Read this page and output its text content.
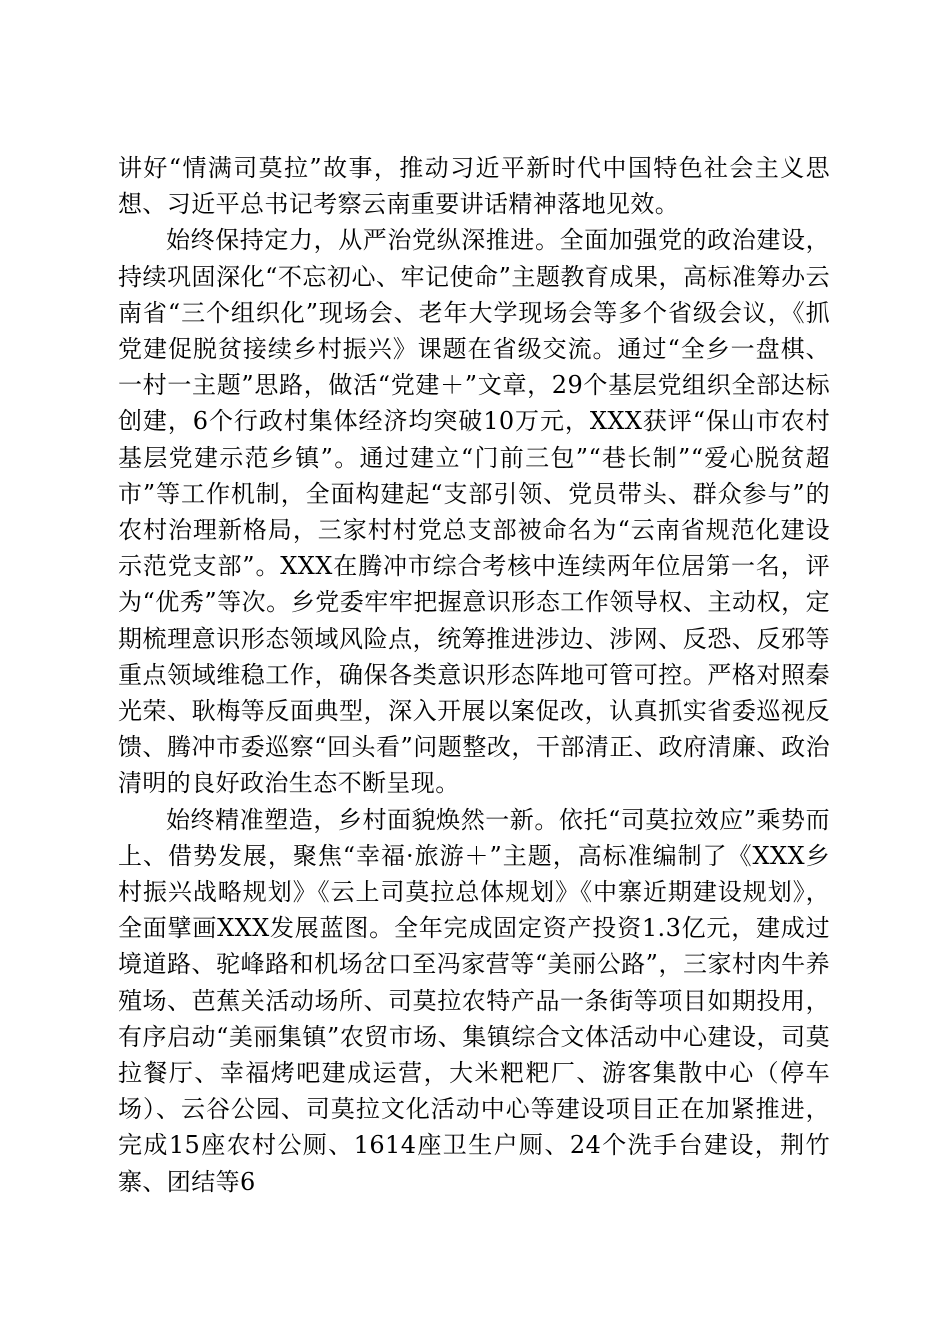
讲好“情满司莫拉”故事，推动习近平新时代中国特色社会主义思想、习近平总书记考察云南重要讲话精神落地见效。

始终保持定力，从严治党纵深推进。全面加强党的政治建设，持续巩固深化“不忘初心、牢记使命”主题教育成果，高标准筹办云南省“三个组织化”现场会、老年大学现场会等多个省级会议，《抓党建促脱贫接续乡村振兴》课题在省级交流。通过“全乡一盘棋、一村一主题”思路，做活“党建＋”文章，29个基层党组织全部达标创建，6个行政村集体经济均突破10万元，XXX获评“保山市农村基层党建示范乡镇”。通过建立“门前三包”“巷长制”“爱心脱贫超市”等工作机制，全面构建起“支部引领、党员带头、群众参与”的农村治理新格局，三家村村党总支部被命名为“云南省规范化建设示范党支部”。XXX在腾冲市综合考核中连续两年位居第一名，评为“优秀”等次。乡党委牢牢把握意识形态工作领导权、主动权，定期梳理意识形态领域风险点，统筹推进涉边、涉网、反恐、反邪等重点领域维稳工作，确保各类意识形态阵地可管可控。严格对照秦光荣、耿梅等反面典型，深入开展以案促改，认真抓实省委巡视反馈、腾冲市委巡察“回头看”问题整改，干部清正、政府清廉、政治清明的良好政治生态不断呈现。

始终精准塑造，乡村面貌焕然一新。依托“司莫拉效应”乘势而上、借势发展，聚焦“幸福·旅游＋”主题，高标准编制了《XXX乡村振兴战略规划》《云上司莫拉总体规划》《中寨近期建设规划》，全面擘画XXX发展蓝图。全年完成固定资产投资1.3亿元，建成过境道路、驼峰路和机场岔口至冯家营等“美丽公路”，三家村肉牛养殖场、芭蕉关活动场所、司莫拉农特产品一条街等项目如期投用，有序启动“美丽集镇”农贸市场、集镇综合文体活动中心建设，司莫拉餐厅、幸福烤吧建成运营，大米粑粑厂、游客集散中心（停车场）、云谷公园、司莫拉文化活动中心等建设项目正在加紧推进，完成15座农村公厕、1614座卫生户厕、24个洗手台建设，荆竹寨、团结等6
